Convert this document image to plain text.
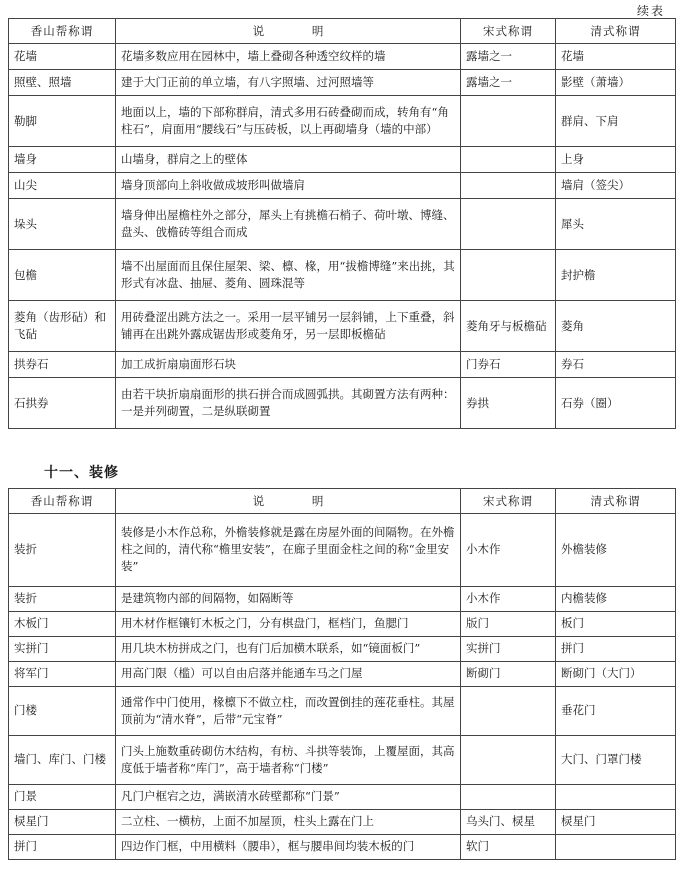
续表
香山帮称谓	说 明	宋式称谓	清式称谓
花墙	花墙多数应用在园林中，墙上叠砌各种透空纹样的墙	露墙之一	花墙
照壁、照墙	建于大门正前的单立墙，有八字照墙、过河照墙等	露墙之一	影壁（萧墙）
勒脚	地面以上，墙的下部称群肩，清式多用石砖叠砌而成，转角有“角柱石”，肩面用“腰线石”与压砖板，以上再砌墙身（墙的中部）		群肩、下肩
墙身	山墙身，群肩之上的壁体		上身
山尖	墙身顶部向上斜收做成坡形叫做墙肩		墙肩（签尖）
垛头	墙身伸出屋檐柱外之部分，犀头上有挑檐石梢子、荷叶墩、博缝、盘头、戗檐砖等组合而成		犀头
包檐	墙不出屋面而且保住屋架、梁、檩、椽，用“拔檐博缝”来出挑，其形式有冰盘、抽屉、菱角、圆珠混等		封护檐
菱角（齿形砧）和飞砧	用砖叠涩出跳方法之一。采用一层平铺另一层斜铺，上下重叠，斜铺再在出跳外露成锯齿形或菱角牙，另一层即板檐砧	菱角牙与板檐砧	菱角
拱券石	加工成折扇扇面形石块	门券石	券石
石拱券	由若干块折扇扇面形的拱石拼合而成圆弧拱。其砌置方法有两种：一是并列砌置，二是纵联砌置	券拱	石券（圈）
十一、装修
香山帮称谓	说 明	宋式称谓	清式称谓
装折	装修是小木作总称，外檐装修就是露在房屋外面的间隔物。在外檐柱之间的，清代称“檐里安装”，在廊子里面金柱之间的称“金里安装”	小木作	外檐装修
装折	是建筑物内部的间隔物，如隔断等	小木作	内檐装修
木板门	用木材作框镶钉木板之门，分有棋盘门，框档门，鱼腮门	版门	板门
实拼门	用几块木枋拼成之门，也有门后加横木联系，如“镜面板门”	实拼门	拼门
将军门	用高门限（槛）可以自由启落并能通车马之门屋	断砌门	断砌门（大门）
门楼	通常作中门使用，椽檩下不做立柱，而改置倒挂的莲花垂柱。其屋顶前为“清水脊”，后带“元宝脊”		垂花门
墙门、库门、门楼	门头上施数重砖砌仿木结构，有枋、斗拱等装饰，上覆屋面，其高度低于墙者称“库门”，高于墙者称“门楼”		大门、门罩门楼
门景	凡门户框宕之边，满嵌清水砖壁都称“门景”		
棂星门	二立柱、一横枋，上面不加屋顶，柱头上露在门上	乌头门、棂星	棂星门
拼门	四边作门框，中用横料（腰串），框与腰串间均装木板的门	软门	
